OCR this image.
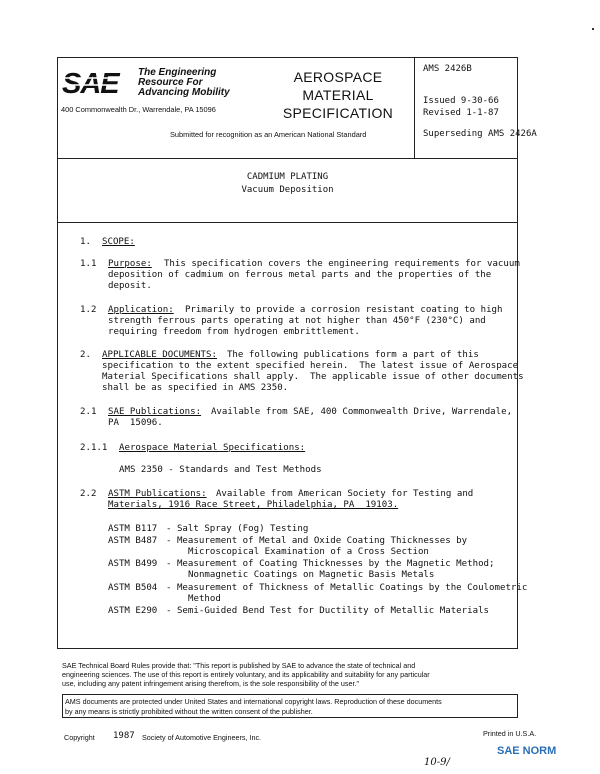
SAE The Engineering
Resource For
Advancing Mobility
400 Commonwealth Dr., Warrendale, PA 15096
AEROSPACE
MATERIAL
SPECIFICATION
Submitted for recognition as an American National Standard
AMS 2426B
Issued 9-30-66
Revised 1-1-87
Superseding AMS 2426A
CADMIUM PLATING
Vacuum Deposition
1. SCOPE:
1.1 Purpose: This specification covers the engineering requirements for vacuum
deposition of cadmium on ferrous metal parts and the properties of the
deposit.
1.2 Application: Primarily to provide a corrosion resistant coating to high
strength ferrous parts operating at not higher than 450°F (230°C) and
requiring freedom from hydrogen embrittlement.
2. APPLICABLE DOCUMENTS: The following publications form a part of this
specification to the extent specified herein.  The latest issue of Aerospace
Material Specifications shall apply.  The applicable issue of other documents
shall be as specified in AMS 2350.
2.1 SAE Publications:
Available from SAE, 400 Commonwealth Drive, Warrendale,
PA  15096.
2.1.1 Aerospace Material Specifications:
AMS 2350 - Standards and Test Methods
2.2 ASTM Publications:
Available from American Society for Testing and
Materials, 1916 Race Street, Philadelphia, PA  19103.
ASTM B117 - Salt Spray (Fog) Testing
ASTM B487 - Measurement of Metal and Oxide Coating Thicknesses by
Microscopical Examination of a Cross Section
ASTM B499 - Measurement of Coating Thicknesses by the Magnetic Method;
Nonmagnetic Coatings on Magnetic Basis Metals
ASTM B504 - Measurement of Thickness of Metallic Coatings by the Coulometric
Method
ASTM E290 - Semi-Guided Bend Test for Ductility of Metallic Materials
SAE Technical Board Rules provide that: "This report is published by SAE to advance the state of technical and
engineering sciences. The use of this report is entirely voluntary, and its applicability and suitability for any particular
use, including any patent infringement arising therefrom, is the sole responsibility of the user."
AMS documents are protected under United States and international copyright laws. Reproduction of these documents
by any means is strictly prohibited without the written consent of the publisher.
Copyright 1987 Society of Automotive Engineers, Inc.	Printed in U.S.A.
10-9/
SAE NORM
